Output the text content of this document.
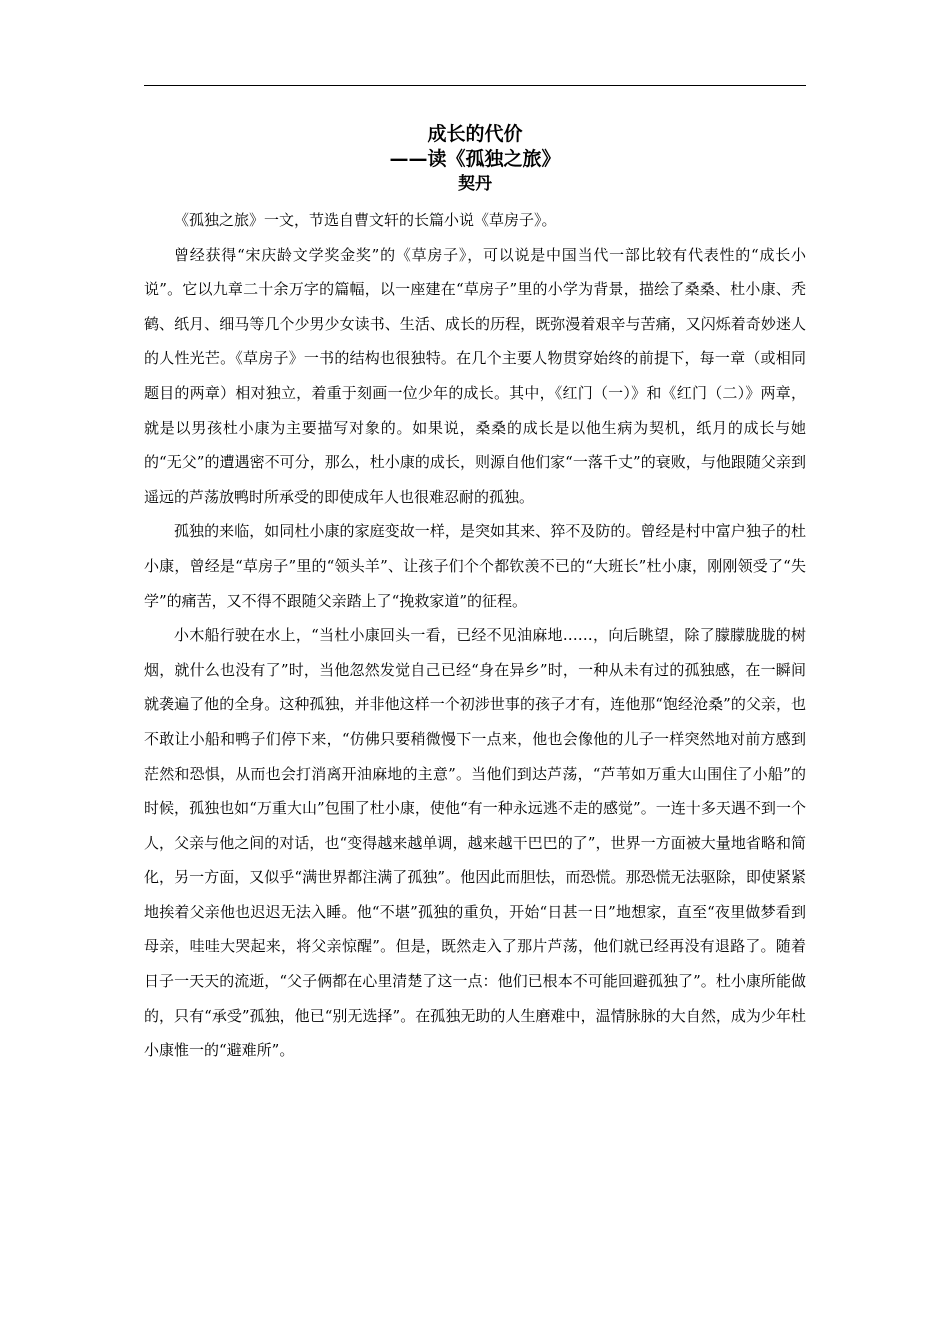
成长的代价
——读《孤独之旅》
契丹

《孤独之旅》一文，节选自曹文轩的长篇小说《草房子》。

曾经获得“宋庆龄文学奖金奖”的《草房子》，可以说是中国当代一部比较有代表性的“成长小说”。它以九章二十余万字的篇幅，以一座建在“草房子”里的小学为背景，描绘了桑桑、杜小康、秃鹤、纸月、细马等几个少男少女读书、生活、成长的历程，既弥漫着艰辛与苦痛，又闪烁着奇妙迷人的人性光芒。《草房子》一书的结构也很独特。在几个主要人物贯穿始终的前提下，每一章（或相同题目的两章）相对独立，着重于刻画一位少年的成长。其中，《红门（一）》和《红门（二）》两章，就是以男孩杜小康为主要描写对象的。如果说，桑桑的成长是以他生病为契机，纸月的成长与她的“无父”的遭遇密不可分，那么，杜小康的成长，则源自他们家“一落千丈”的衰败，与他跟随父亲到遥远的芦荡放鸭时所承受的即使成年人也很难忍耐的孤独。

孤独的来临，如同杜小康的家庭变故一样，是突如其来、猝不及防的。曾经是村中富户独子的杜小康，曾经是“草房子”里的“领头羊”、让孩子们个个都钦羡不已的“大班长”杜小康，刚刚领受了“失学”的痛苦，又不得不跟随父亲踏上了“挽救家道”的征程。

小木船行驶在水上，“当杜小康回头一看，已经不见油麻地……，向后眺望，除了朦朦胧胧的树烟，就什么也没有了”时，当他忽然发觉自己已经“身在异乡”时，一种从未有过的孤独感，在一瞬间就袭遍了他的全身。这种孤独，并非他这样一个初涉世事的孩子才有，连他那“饱经沧桑”的父亲，也不敢让小船和鸭子们停下来，“仿佛只要稍微慢下一点来，他也会像他的儿子一样突然地对前方感到茫然和恐惧，从而也会打消离开油麻地的主意”。当他们到达芦荡，“芦苇如万重大山围住了小船”的时候，孤独也如“万重大山”包围了杜小康，使他“有一种永远逃不走的感觉”。一连十多天遇不到一个人，父亲与他之间的对话，也“变得越来越单调，越来越干巴巴的了”，世界一方面被大量地省略和简化，另一方面，又似乎“满世界都注满了孤独”。他因此而胆怯，而恐慌。那恐慌无法驱除，即使紧紧地挨着父亲他也迟迟无法入睡。他“不堪”孤独的重负，开始“日甚一日”地想家，直至“夜里做梦看到母亲，哇哇大哭起来，将父亲惊醒”。但是，既然走入了那片芦荡，他们就已经再没有退路了。随着日子一天天的流逝，“父子俩都在心里清楚了这一点：他们已根本不可能回避孤独了”。杜小康所能做的，只有“承受”孤独，他已“别无选择”。在孤独无助的人生磨难中，温情脉脉的大自然，成为少年杜小康惟一的“避难所”。
